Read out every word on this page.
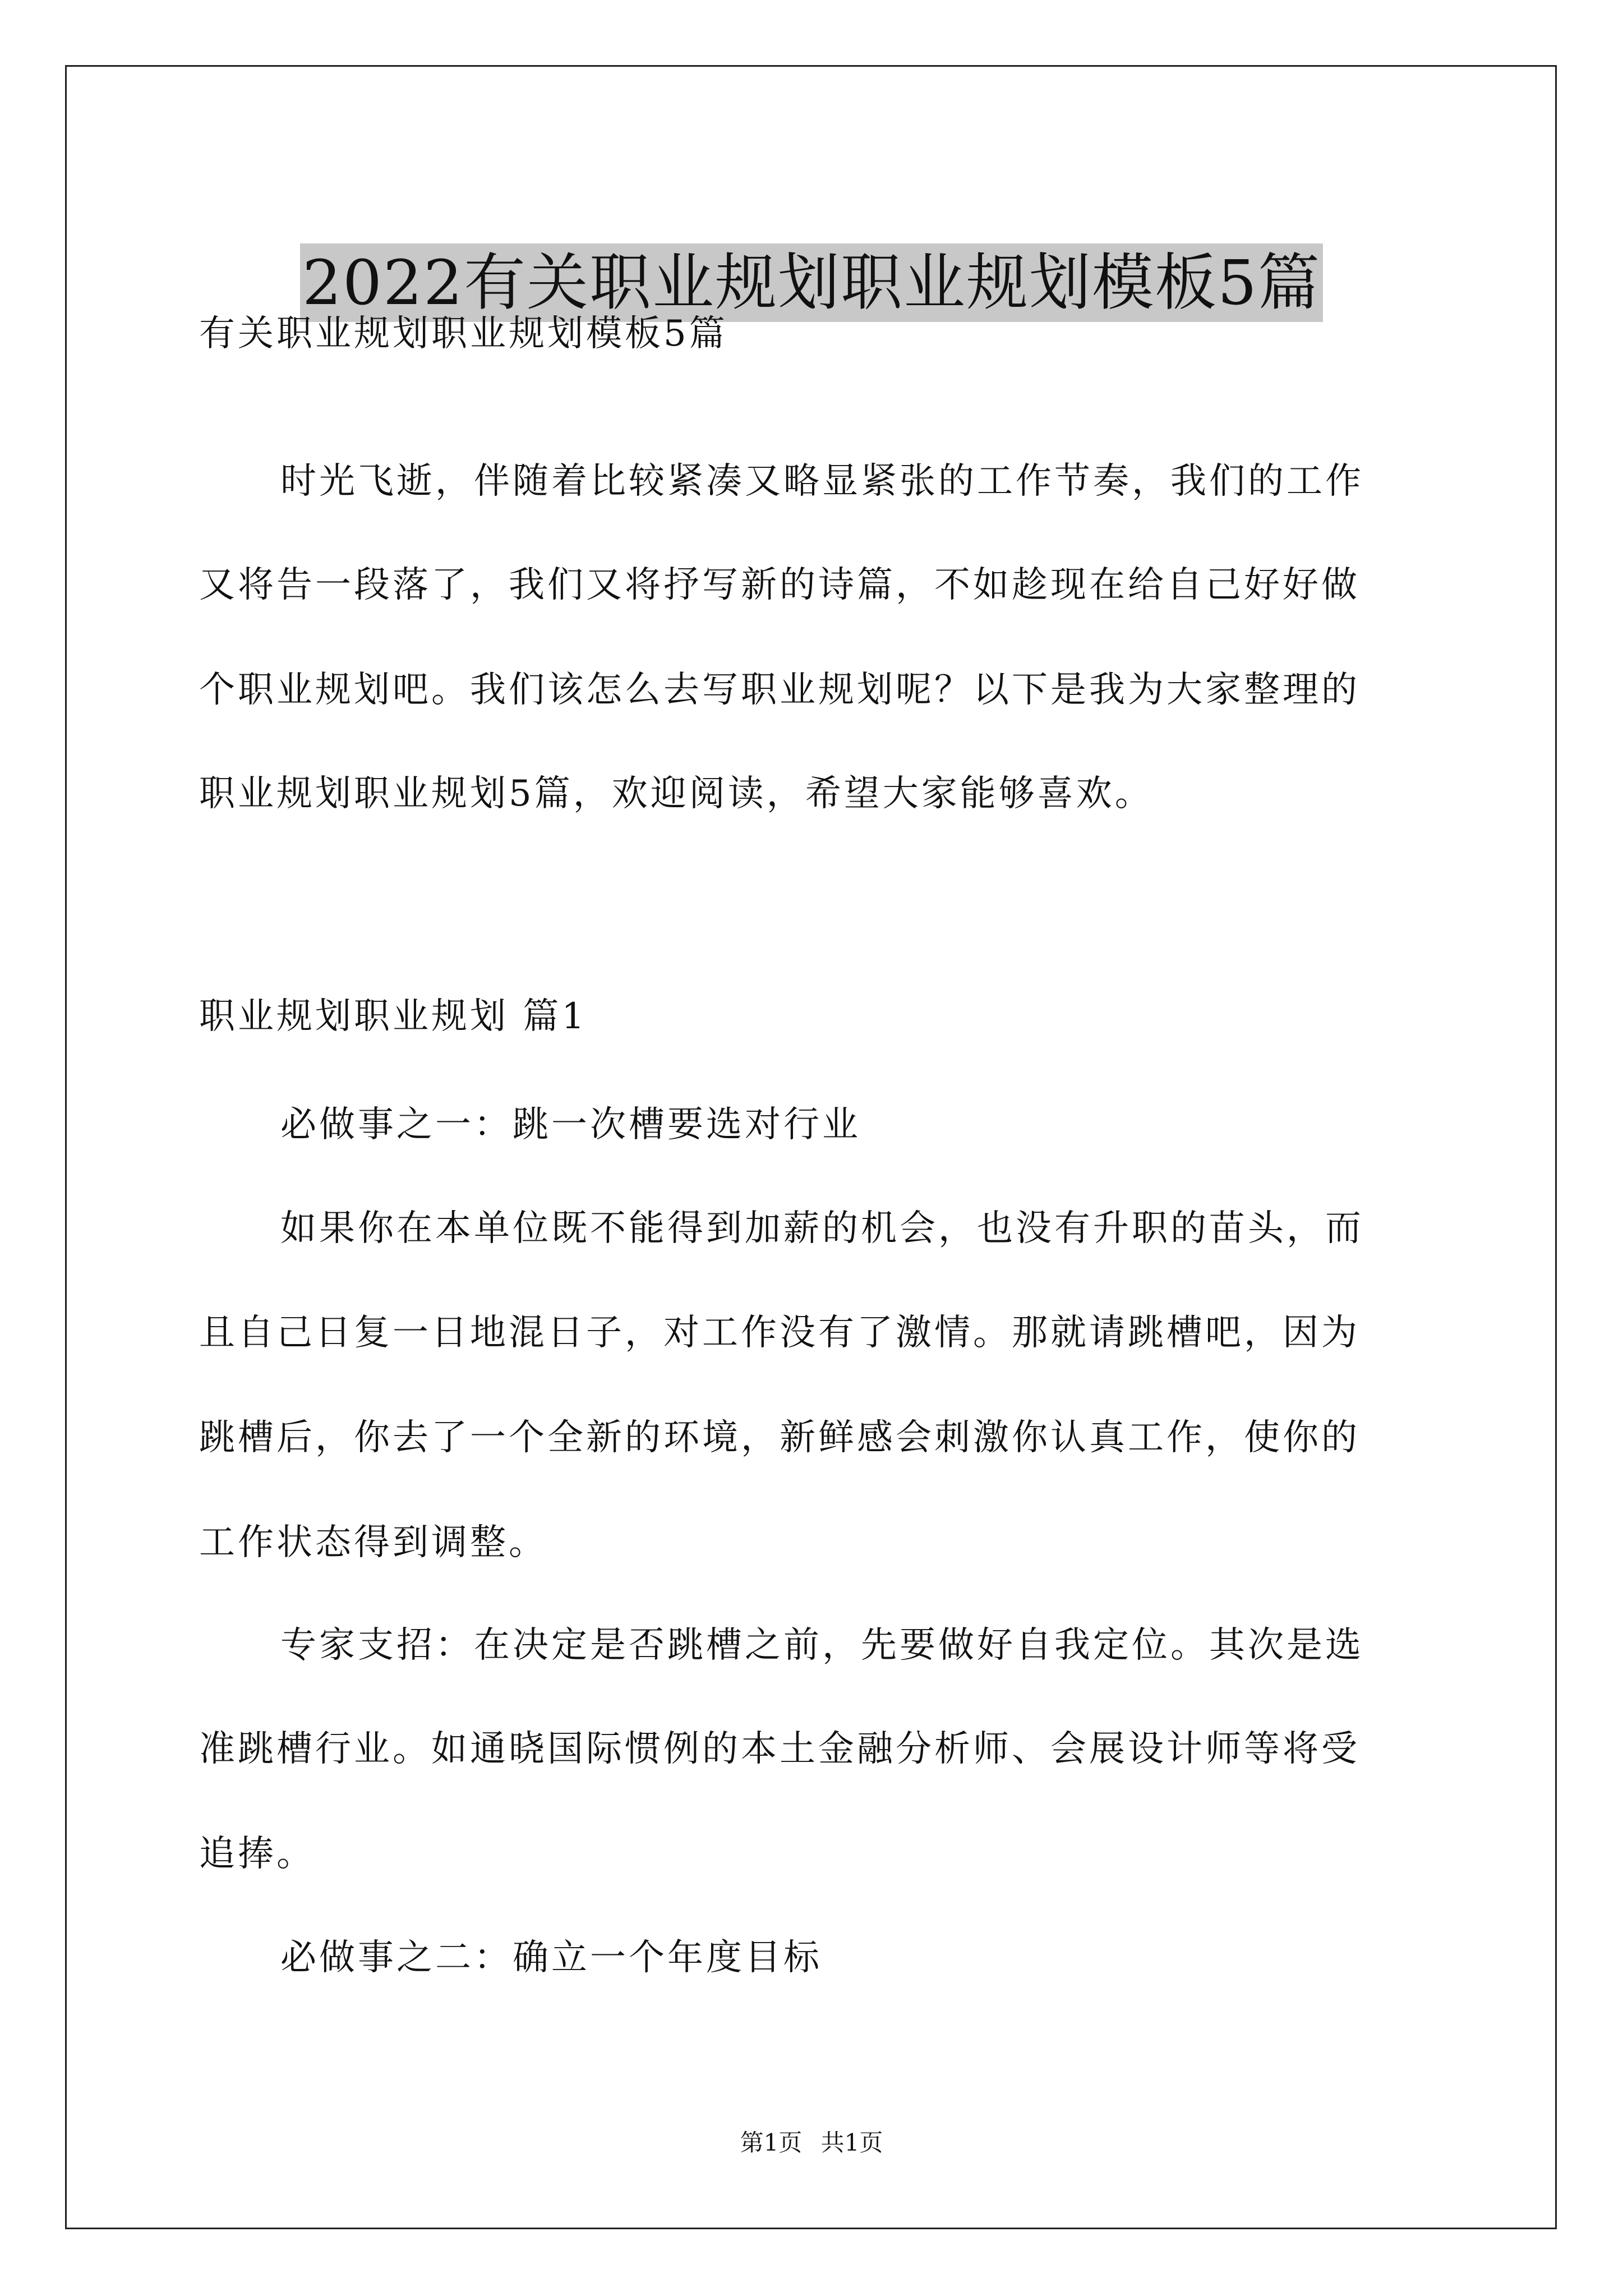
2022有关职业规划职业规划模板5篇
有关职业规划职业规划模板5篇
时光飞逝，伴随着比较紧凑又略显紧张的工作节奏，我们的工作
又将告一段落了，我们又将抒写新的诗篇，不如趁现在给自己好好做
个职业规划吧。我们该怎么去写职业规划呢？以下是我为大家整理的
职业规划职业规划5篇，欢迎阅读，希望大家能够喜欢。
职业规划职业规划 篇1
必做事之一：跳一次槽要选对行业
如果你在本单位既不能得到加薪的机会，也没有升职的苗头，而
且自己日复一日地混日子，对工作没有了激情。那就请跳槽吧，因为
跳槽后，你去了一个全新的环境，新鲜感会刺激你认真工作，使你的
工作状态得到调整。
专家支招：在决定是否跳槽之前，先要做好自我定位。其次是选
准跳槽行业。如通晓国际惯例的本土金融分析师、会展设计师等将受
追捧。
必做事之二：确立一个年度目标
第1页 共1页
